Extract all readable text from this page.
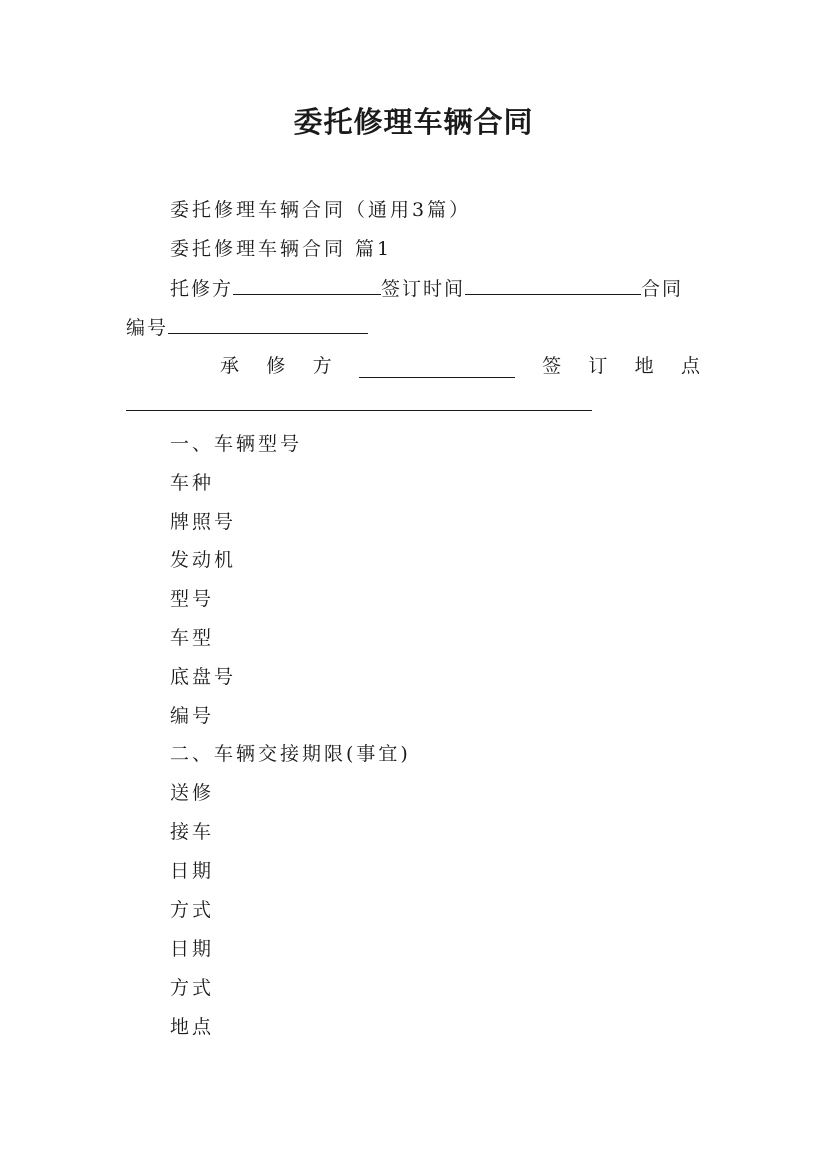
委托修理车辆合同
委托修理车辆合同（通用3篇）
委托修理车辆合同 篇1
托修方	签订时间	合同
编号
承 修 方	签 订 地 点
一、车辆型号
车种
牌照号
发动机
型号
车型
底盘号
编号
二、车辆交接期限(事宜)
送修
接车
日期
方式
日期
方式
地点
